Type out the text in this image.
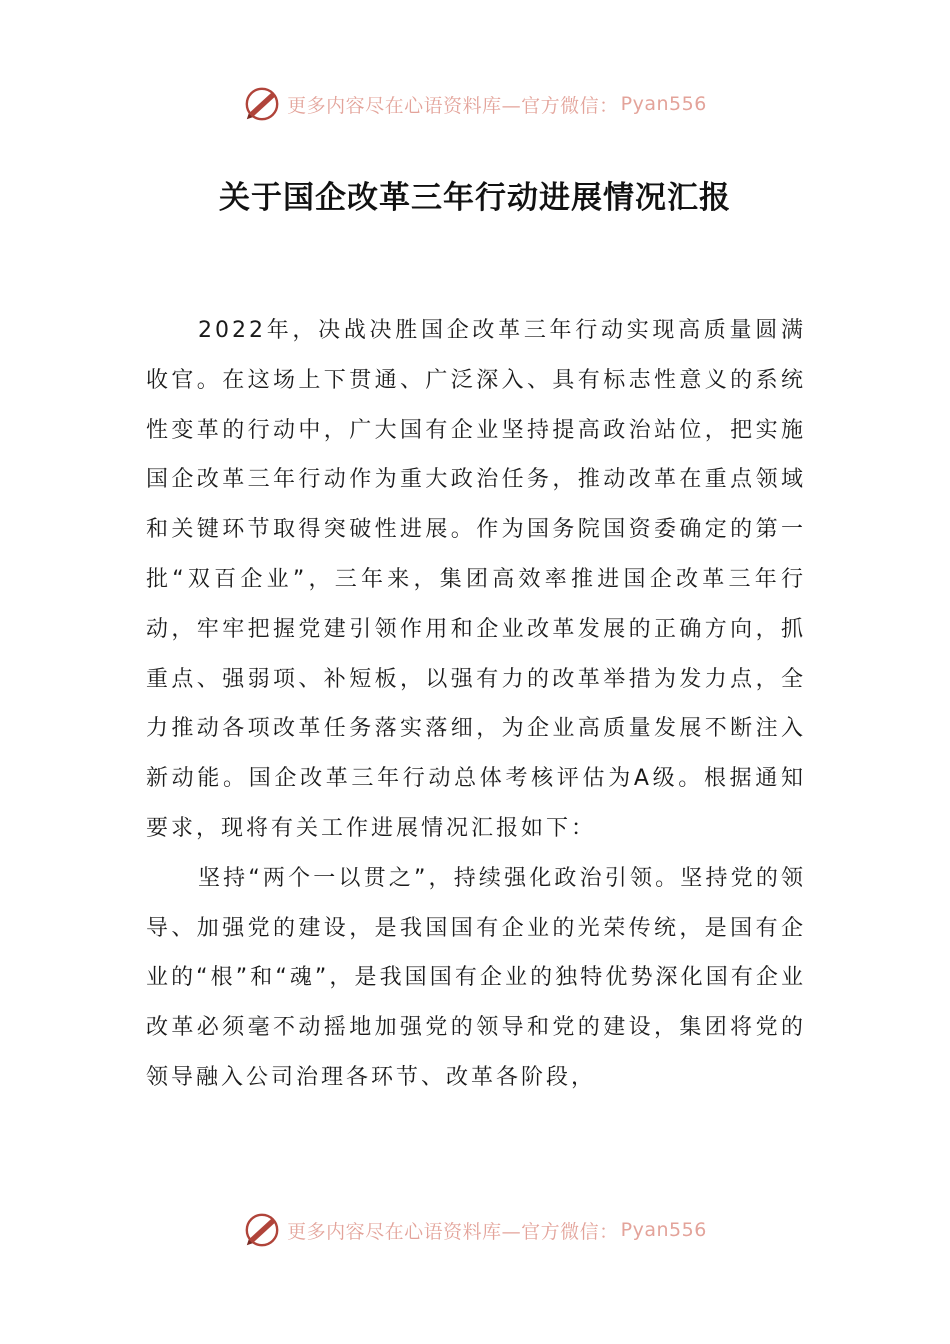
更多内容尽在心语资料库—官方微信： Pyan556
关于国企改革三年行动进展情况汇报

2022年，决战决胜国企改革三年行动实现高质量圆满收官。在这场上下贯通、广泛深入、具有标志性意义的系统性变革的行动中，广大国有企业坚持提高政治站位，把实施国企改革三年行动作为重大政治任务，推动改革在重点领域和关键环节取得突破性进展。作为国务院国资委确定的第一批“双百企业”，三年来，集团高效率推进国企改革三年行动，牢牢把握党建引领作用和企业改革发展的正确方向，抓重点、强弱项、补短板，以强有力的改革举措为发力点，全力推动各项改革任务落实落细，为企业高质量发展不断注入新动能。国企改革三年行动总体考核评估为A级。根据通知要求，现将有关工作进展情况汇报如下：

坚持“两个一以贯之”，持续强化政治引领。坚持党的领导、加强党的建设，是我国国有企业的光荣传统，是国有企业的“根”和“魂”，是我国国有企业的独特优势深化国有企业改革必须毫不动摇地加强党的领导和党的建设，集团将党的领导融入公司治理各环节、改革各阶段，

更多内容尽在心语资料库—官方微信： Pyan556
